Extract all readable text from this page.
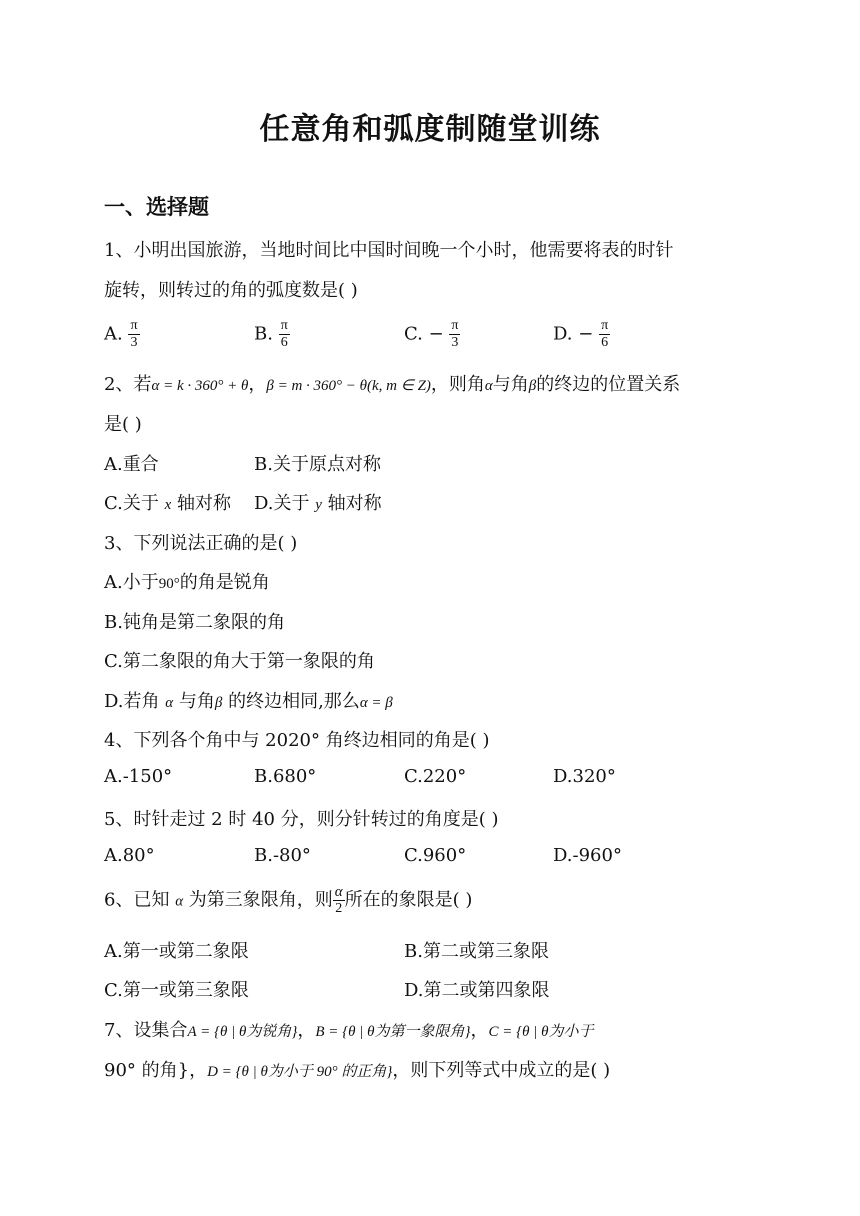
任意角和弧度制随堂训练
一、选择题
1、小明出国旅游，当地时间比中国时间晚一个小时，他需要将表的时针
旋转，则转过的角的弧度数是( )
A. $\frac{\pi}{3}$	B. $\frac{\pi}{6}$	C. − $\frac{\pi}{3}$	D. − $\frac{\pi}{6}$
2、若α = k · 360° + θ，β = m · 360° − θ(k, m ∈ Z)，则角α与角β的终边的位置关系
是( )
A.重合	B.关于原点对称
C.关于 x 轴对称 D.关于 y 轴对称
3、下列说法正确的是( )
A.小于90°的角是锐角
B.钝角是第二象限的角
C.第二象限的角大于第一象限的角
D.若角 α 与角β 的终边相同,那么α = β
4、下列各个角中与 2020° 角终边相同的角是( )
A.-150°	B.680°	C.220°	D.320°
5、时针走过 2 时 40 分，则分针转过的角度是( )
A.80°	B.-80°	C.960°	D.-960°
6、已知 α 为第三象限角，则 $\frac{\alpha}{2}$ 所在的象限是( )
A.第一或第二象限	B.第二或第三象限
C.第一或第三象限	D.第二或第四象限
7、设集合A = {θ | θ为锐角}，B = {θ | θ为第一象限角}，C = {θ | θ为小于
90° 的角}，D = {θ | θ为小于 90° 的正角}，则下列等式中成立的是( )
